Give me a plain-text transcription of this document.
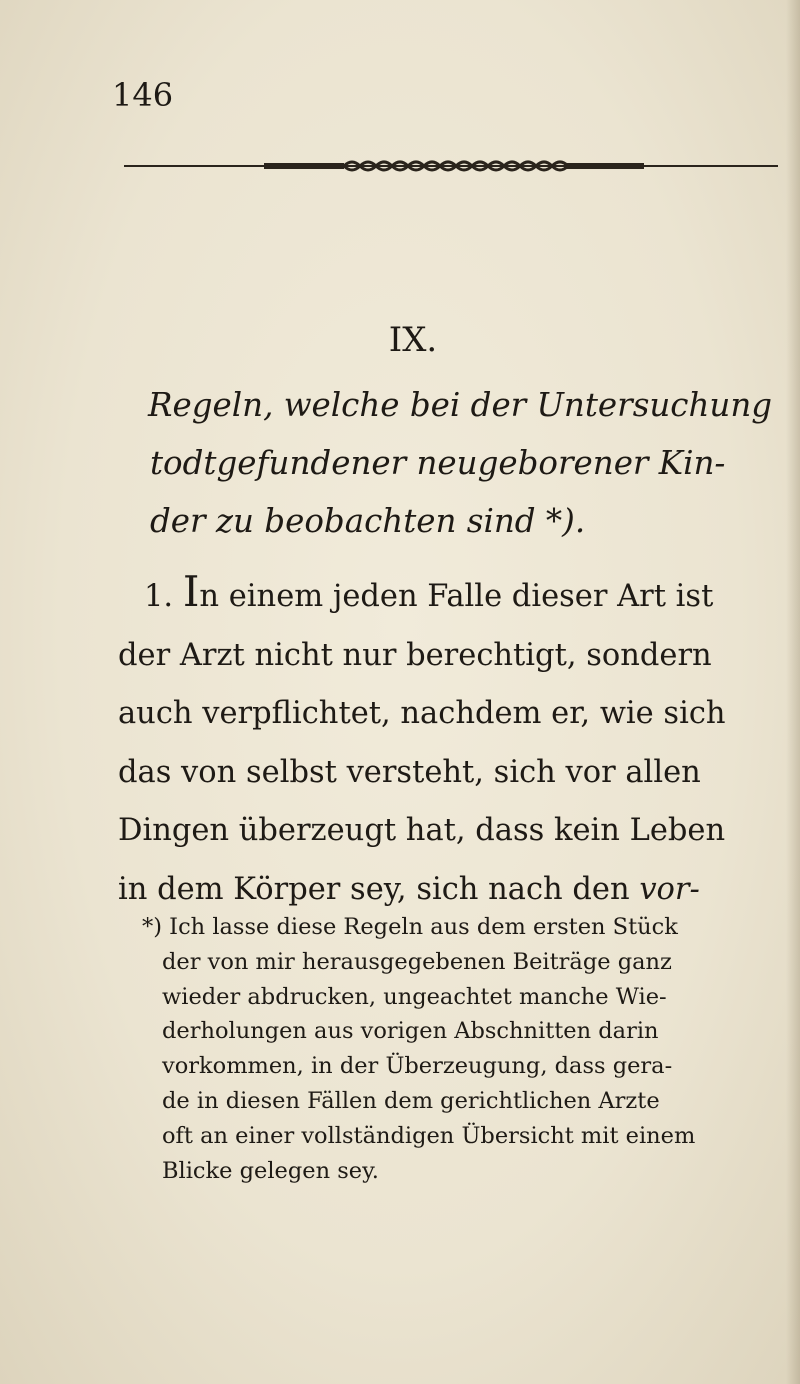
146
IX.
Regeln, welche bei der Untersuchung
todtgefundener neugeborener Kin-
der zu beobachten sind *).
1. In einem jeden Falle dieser Art ist
der Arzt nicht nur berechtigt, sondern
auch verpflichtet, nachdem er, wie sich
das von selbst versteht, sich vor allen
Dingen überzeugt hat, dass kein Leben
in dem Körper sey, sich nach den vor-
*) Ich lasse diese Regeln aus dem ersten Stück
der von mir herausgegebenen Beiträge ganz
wieder abdrucken, ungeachtet manche Wie-
derholungen aus vorigen Abschnitten darin
vorkommen, in der Überzeugung, dass gera-
de in diesen Fällen dem gerichtlichen Arzte
oft an einer vollständigen Übersicht mit einem
Blicke gelegen sey.
